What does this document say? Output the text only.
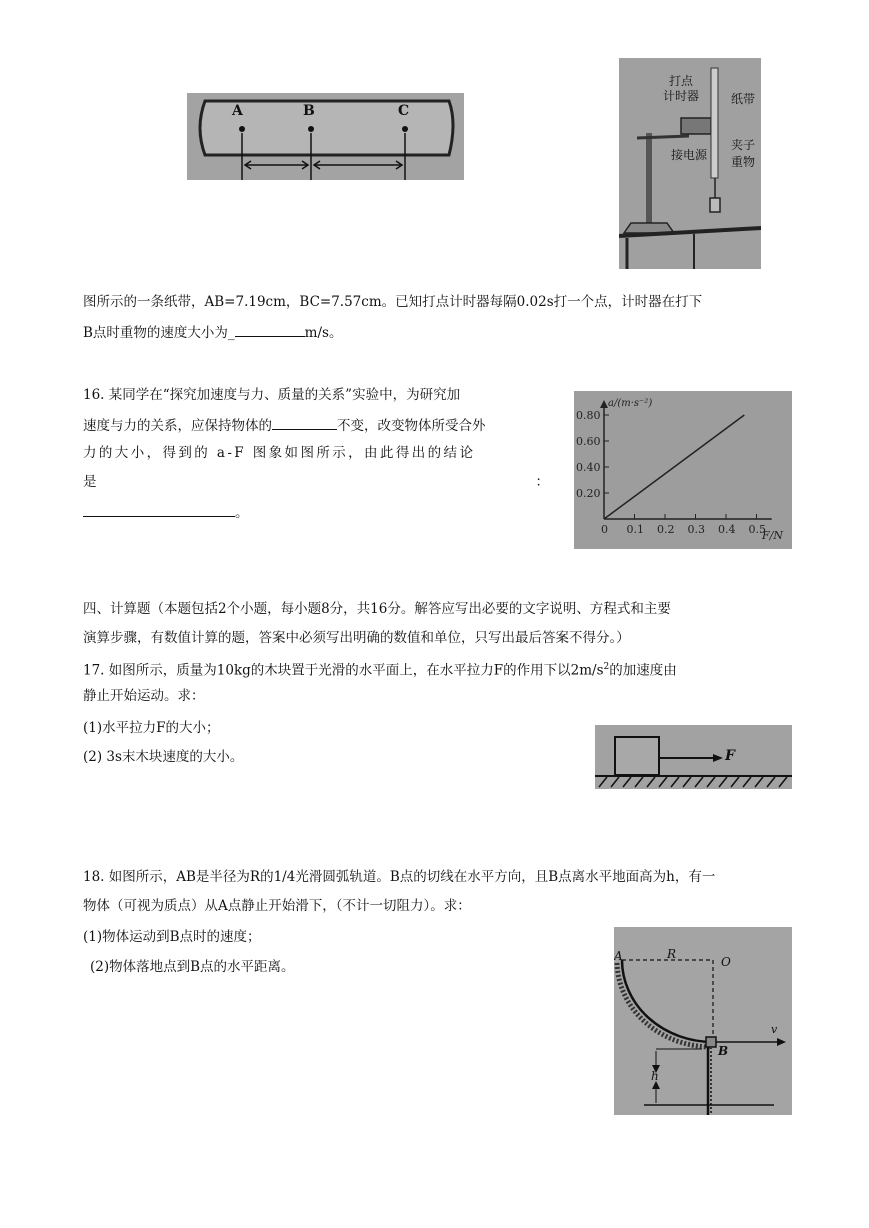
A	B	C
打点
计时器	纸带
夹子
接电源 重物
图所示的一条纸带，AB=7.19cm，BC=7.57cm。已知打点计时器每隔0.02s打一个点，计时器在打下
B点时重物的速度大小为_	m/s。
16. 某同学在“探究加速度与力、质量的关系”实验中，为研究加
速度与力的关系，应保持物体的	不变，改变物体所受合外
力的大小，得到的 a-F 图象如图所示，由此得出的结论
是	：
。
0 0.1 0.2 0.3 0.4 0.5
0.20
0.40
0.60
0.80
a/(m·s⁻²)
F/N
四、计算题（本题包括2个小题，每小题8分，共16分。解答应写出必要的文字说明、方程式和主要
演算步骤，有数值计算的题，答案中必须写出明确的数值和单位，只写出最后答案不得分。）
17. 如图所示，质量为10kg的木块置于光滑的水平面上，在水平拉力F的作用下以$2m/s^2$的加速度由
静止开始运动。求：
(1)水平拉力F的大小；
(2) 3s末木块速度的大小。	F
18. 如图所示，AB是半径为R的1/4光滑圆弧轨道。B点的切线在水平方向，且B点离水平地面高为h，有一
物体（可视为质点）从A点静止开始滑下，（不计一切阻力）。求：
(1)物体运动到B点时的速度；
(2)物体落地点到B点的水平距离。
A	R
O
v
B
h
